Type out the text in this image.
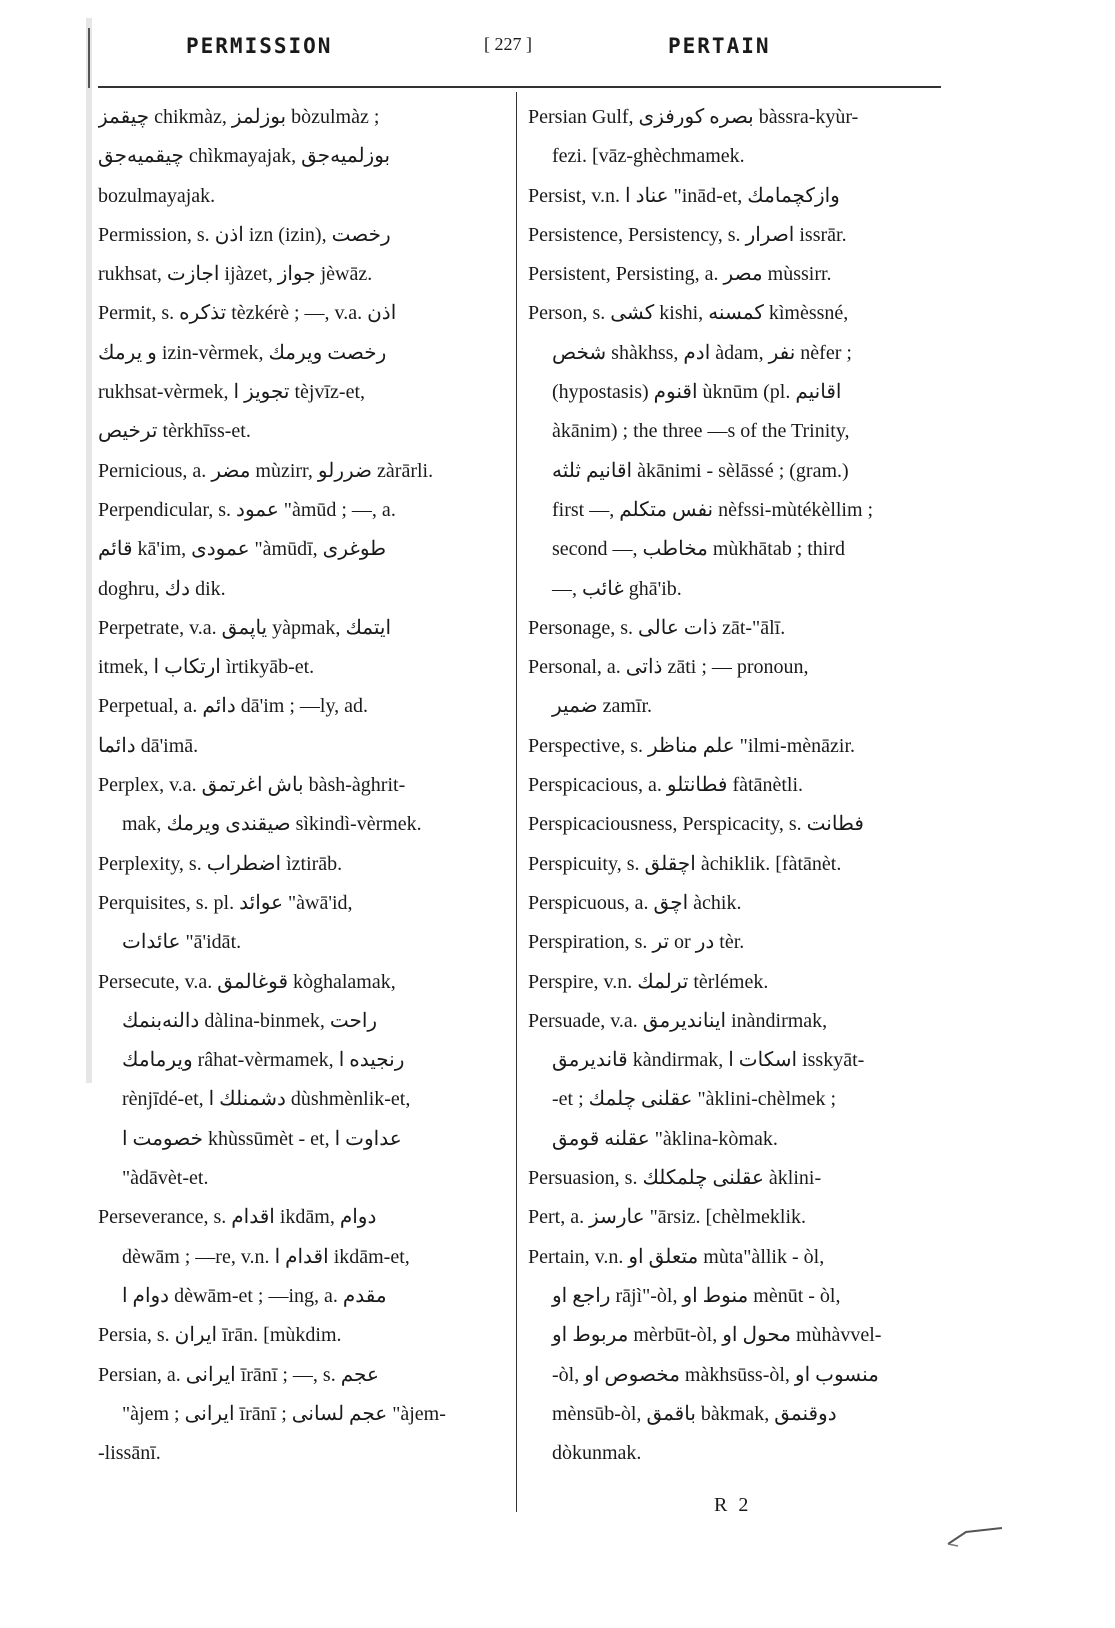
PERMISSION	[ 227 ]	PERTAIN
چيقمز chikmàz, بوزلمز bòzulmàz ;
چيقميه‌جق chìkmayajak, بوزلميه‌جق
bozulmayajak.
Permission, s. اذن izn (izin), رخصت
rukhsat, اجازت ijàzet, جواز jèwāz.
Permit, s. تذكره tèzkérè ; —, v.a. اذن
و يرمك izin-vèrmek, رخصت ويرمك
rukhsat-vèrmek, تجويز ا tèjvīz-et,
ترخيص tèrkhīss-et.
Pernicious, a. مضر mùzirr, ضررلو zàrārli.
Perpendicular, s. عمود "àmūd ; —, a.
قائم kā'im, عمودى "àmūdī, طوغرى
doghru, دك dik.
Perpetrate, v.a. ياپمق yàpmak, ايتمك
itmek, ارتكاب ا ìrtikyāb-et.
Perpetual, a. دائم dā'im ; —ly, ad.
دائما dā'imā.
Perplex, v.a. باش اغرتمق bàsh-àghrit-
mak, صيقندى ويرمك sìkindì-vèrmek.
Perplexity, s. اضطراب ìztirāb.
Perquisites, s. pl. عوائد "àwā'id,
عائدات "ā'idāt.
Persecute, v.a. قوغالمق kòghalamak,
دالنه‌بنمك dàlina-binmek, راحت
ويرمامك râhat-vèrmamek, رنجيده ا
rènjīdé-et, دشمنلك ا dùshmènlik-et,
خصومت ا khùssūmèt - et, عداوت ا
"àdāvèt-et.
Perseverance, s. اقدام ikdām, دوام
dèwām ; —re, v.n. اقدام ا ikdām-et,
دوام ا dèwām-et ; —ing, a. مقدم
Persia, s. ايران īrān. [mùkdim.
Persian, a. ايرانى īrānī ; —, s. عجم
"àjem ; ايرانى īrānī ; عجم لسانى "àjem-
-lissānī.
Persian Gulf, بصره كورفزى bàssra-kyùr-
fezi. [vāz-ghèchmamek.
Persist, v.n. عناد ا "inād-et, وازكچمامك
Persistence, Persistency, s. اصرار issrār.
Persistent, Persisting, a. مصر mùssirr.
Person, s. كشى kishi, كمسنه kìmèssné,
شخص shàkhss, ادم àdam, نفر nèfer ;
(hypostasis) اقنوم ùknūm (pl. اقانيم
àkānim) ; the three —s of the Trinity,
اقانيم ثلثه àkānimi - sèlāssé ; (gram.)
first —, نفس متكلم nèfssi-mùtékèllim ;
second —, مخاطب mùkhātab ; third
—, غائب ghā'ib.
Personage, s. ذات عالى zāt-"ālī.
Personal, a. ذاتى zāti ; — pronoun,
ضمير zamīr.
Perspective, s. علم مناظر "ilmi-mènāzir.
Perspicacious, a. فطانتلو fàtānètli.
Perspicaciousness, Perspicacity, s. فطانت
Perspicuity, s. اچقلق àchiklik. [fàtānèt.
Perspicuous, a. اچق àchik.
Perspiration, s. تر or در tèr.
Perspire, v.n. ترلمك tèrlémek.
Persuade, v.a. اينانديرمق inàndirmak,
قانديرمق kàndirmak, اسكات ا isskyāt-
-et ; عقلنى چلمك "àklini-chèlmek ;
عقلنه قومق "àklina-kòmak.
Persuasion, s. عقلنى چلمكلك àklini-
Pert, a. عارسز "ārsiz. [chèlmeklik.
Pertain, v.n. متعلق او mùta"àllik - òl,
راجع او rājì"-òl, منوط او mènūt - òl,
مربوط او mèrbūt-òl, محول او mùhàvvel-
-òl, مخصوص او màkhsūss-òl, منسوب او
mènsūb-òl, باقمق bàkmak, دوقنمق
dòkunmak.
R 2
